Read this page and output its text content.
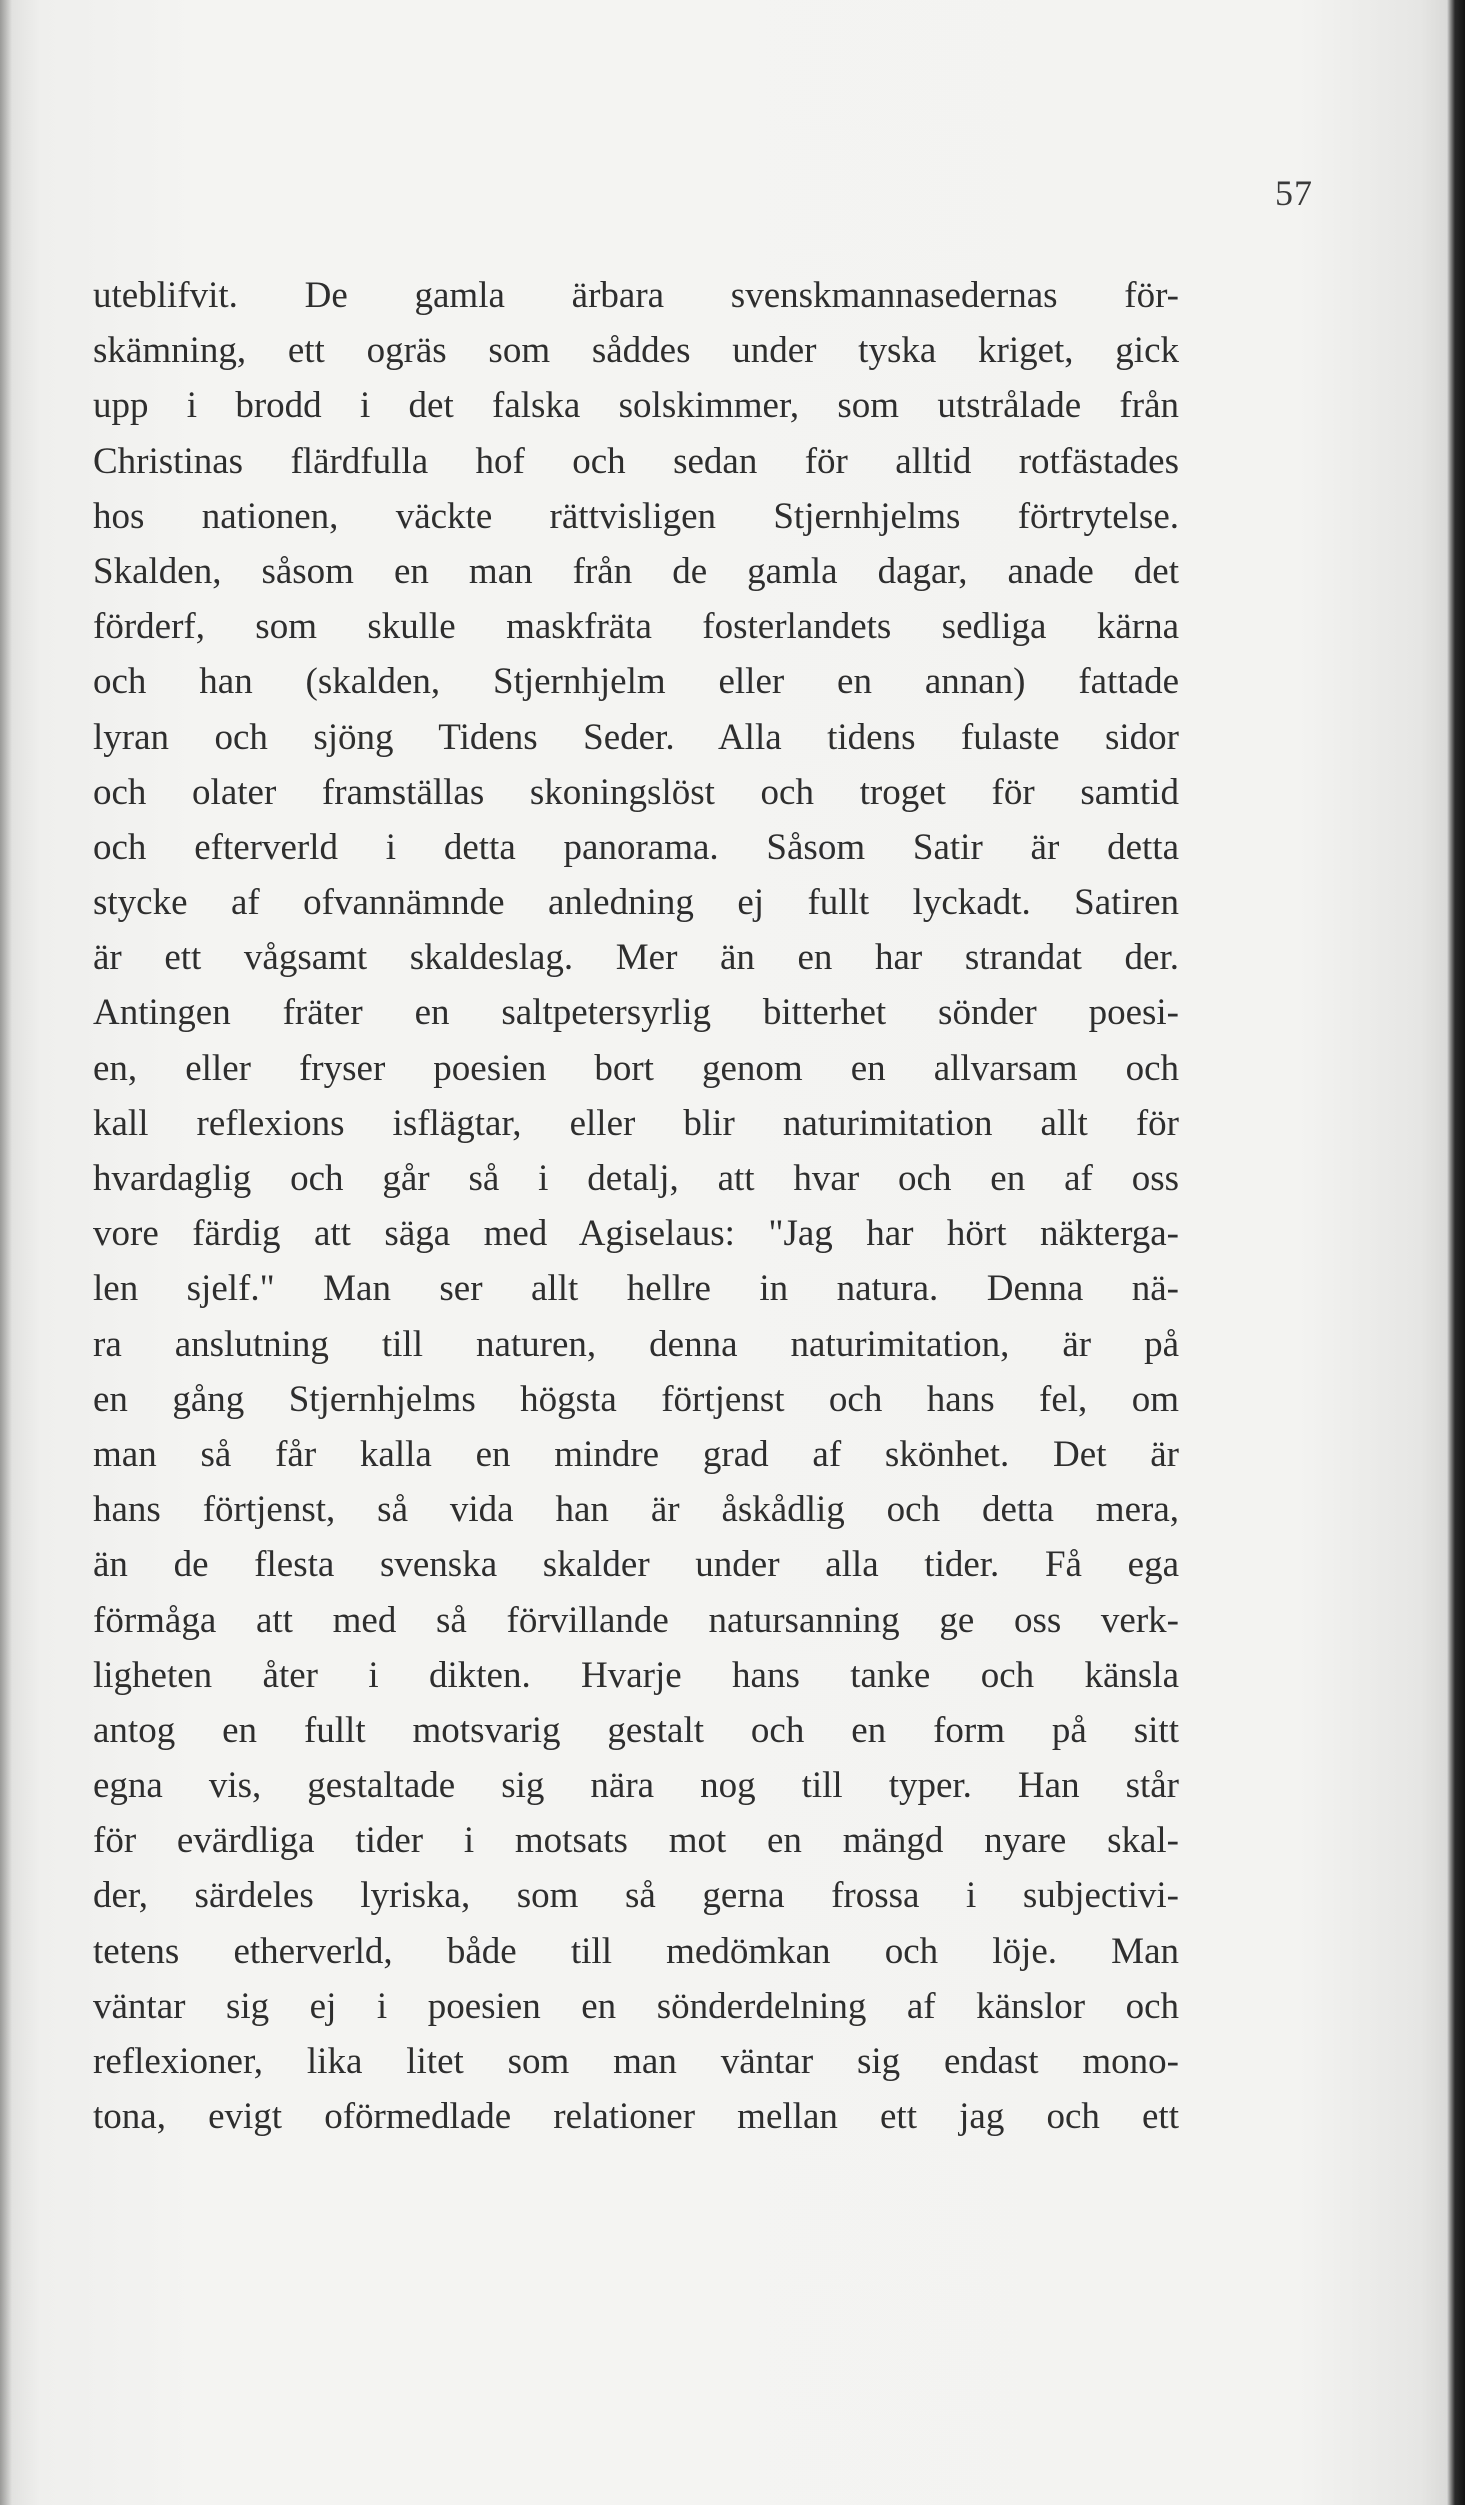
57
uteblifvit. De gamla ärbara svenskmannasedernas för-
skämning, ett ogräs som såddes under tyska kriget, gick
upp i brodd i det falska solskimmer, som utstrålade från
Christinas flärdfulla hof och sedan för alltid rotfästades
hos nationen, väckte rättvisligen Stjernhjelms förtrytelse.
Skalden, såsom en man från de gamla dagar, anade det
förderf, som skulle maskfräta fosterlandets sedliga kärna
och han (skalden, Stjernhjelm eller en annan) fattade
lyran och sjöng Tidens Seder. Alla tidens fulaste sidor
och olater framställas skoningslöst och troget för samtid
och efterverld i detta panorama. Såsom Satir är detta
stycke af ofvannämnde anledning ej fullt lyckadt. Satiren
är ett vågsamt skaldeslag. Mer än en har strandat der.
Antingen fräter en saltpetersyrlig bitterhet sönder poesi-
en, eller fryser poesien bort genom en allvarsam och
kall reflexions isflägtar, eller blir naturimitation allt för
hvardaglig och går så i detalj, att hvar och en af oss
vore färdig att säga med Agiselaus: "Jag har hört näkterga-
len sjelf." Man ser allt hellre in natura. Denna nä-
ra anslutning till naturen, denna naturimitation, är på
en gång Stjernhjelms högsta förtjenst och hans fel, om
man så får kalla en mindre grad af skönhet. Det är
hans förtjenst, så vida han är åskådlig och detta mera,
än de flesta svenska skalder under alla tider. Få ega
förmåga att med så förvillande natursanning ge oss verk-
ligheten åter i dikten. Hvarje hans tanke och känsla
antog en fullt motsvarig gestalt och en form på sitt
egna vis, gestaltade sig nära nog till typer. Han står
för evärdliga tider i motsats mot en mängd nyare skal-
der, särdeles lyriska, som så gerna frossa i subjectivi-
tetens etherverld, både till medömkan och löje. Man
väntar sig ej i poesien en sönderdelning af känslor och
reflexioner, lika litet som man väntar sig endast mono-
tona, evigt oförmedlade relationer mellan ett jag och ett
